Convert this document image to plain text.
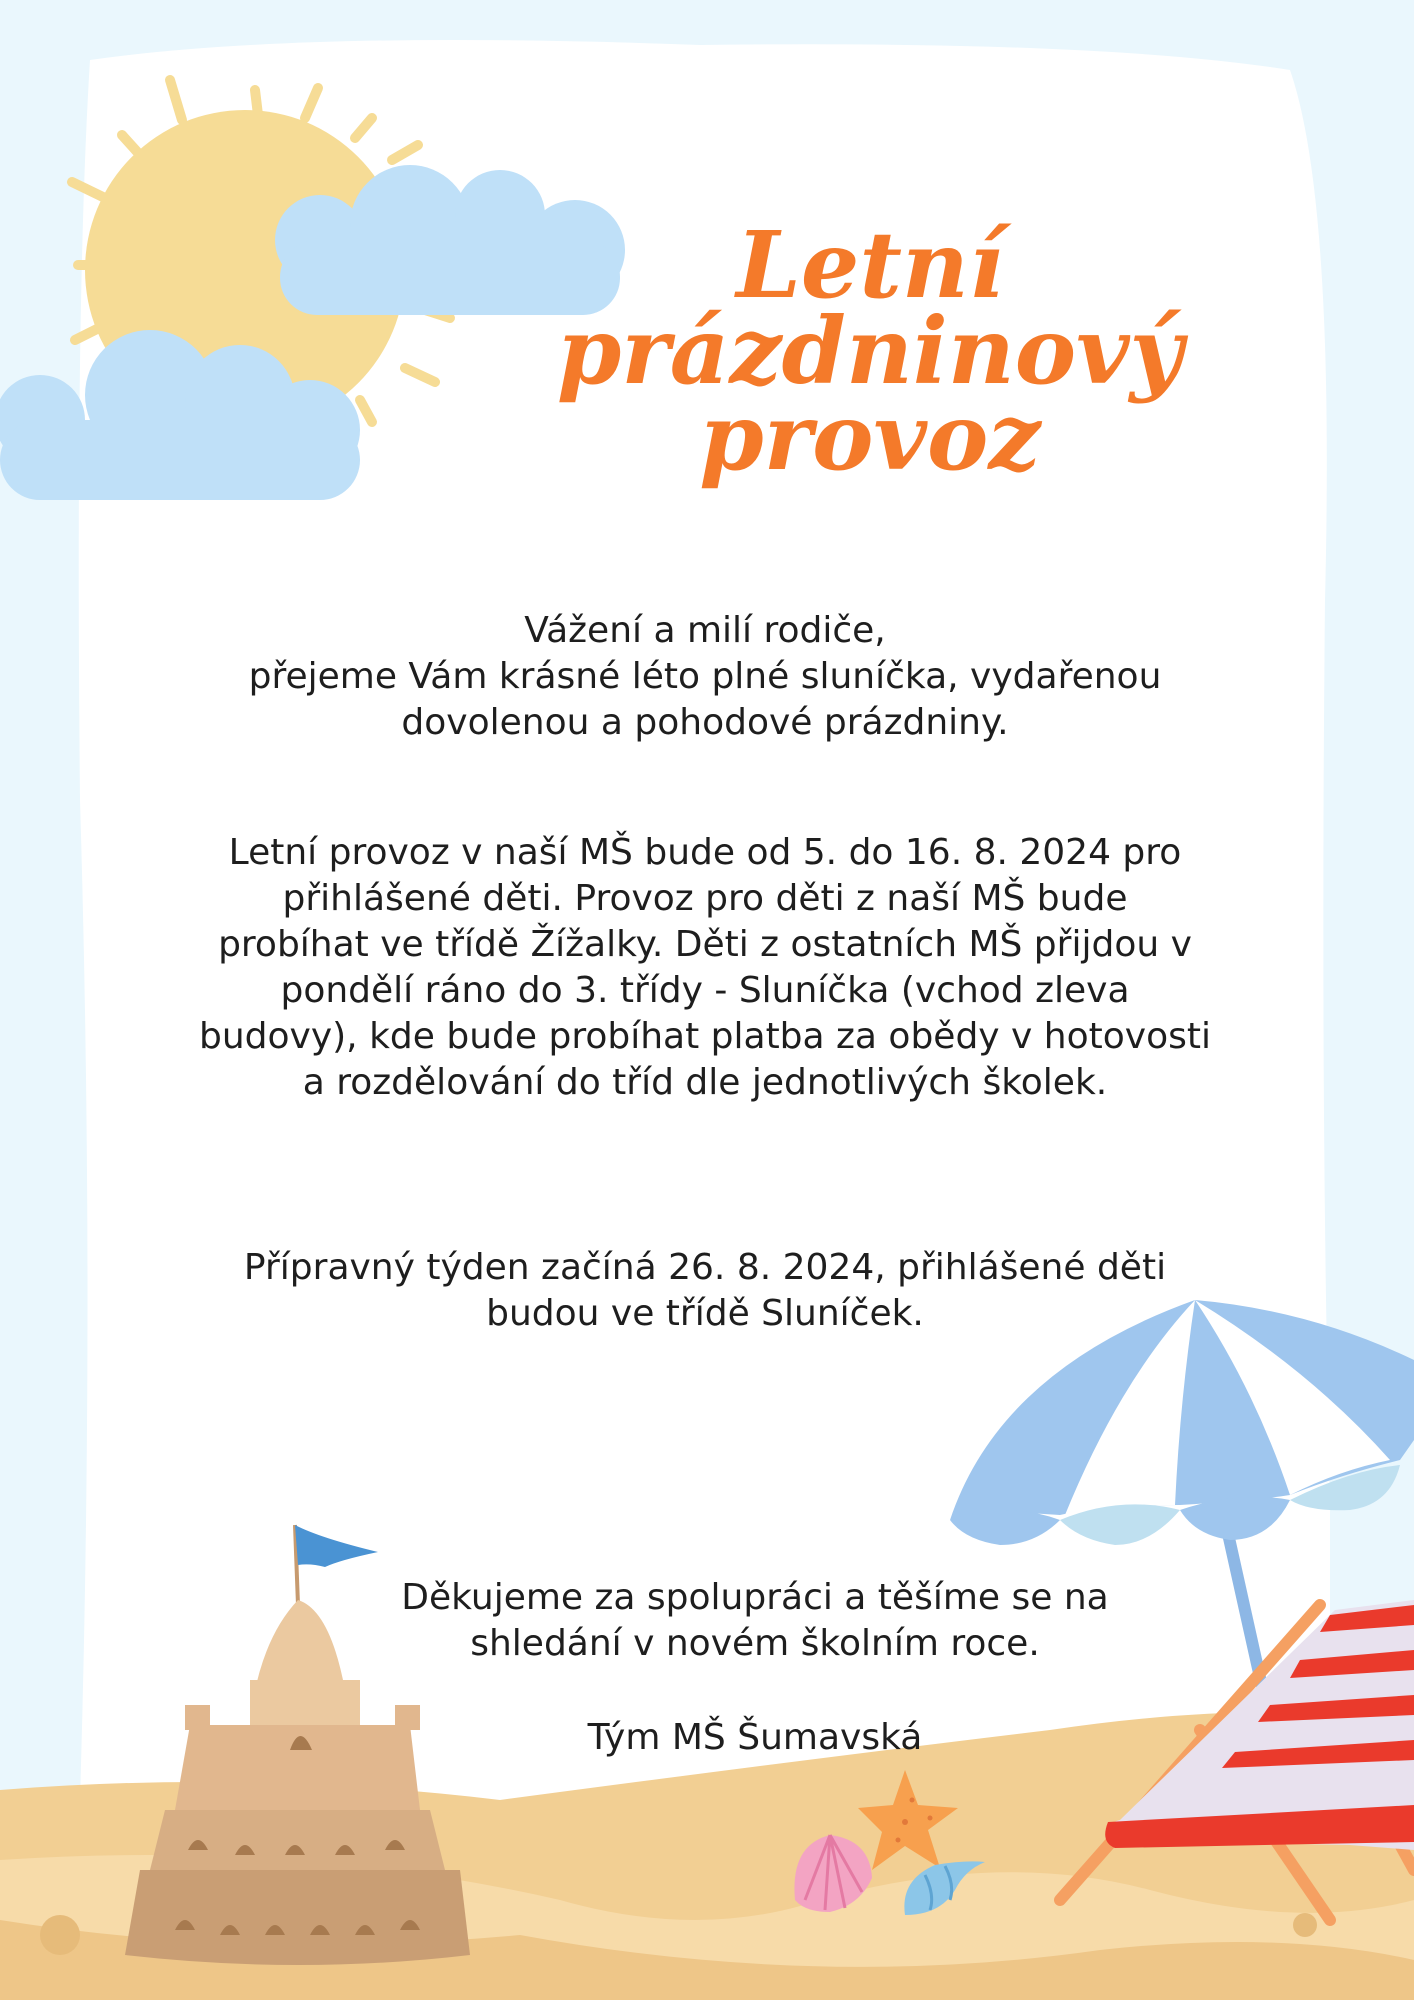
Letní
prázdninový
provoz

Vážení a milí rodiče,
přejeme Vám krásné léto plné sluníčka, vydařenou
dovolenou a pohodové prázdniny.

Letní provoz v naší MŠ bude od 5. do 16. 8. 2024 pro
přihlášené děti. Provoz pro děti z naší MŠ bude
probíhat ve třídě Žížalky. Děti z ostatních MŠ přijdou v
pondělí ráno do 3. třídy - Sluníčka (vchod zleva
budovy), kde bude probíhat platba za obědy v hotovosti
a rozdělování do tříd dle jednotlivých školek.

Přípravný týden začíná 26. 8. 2024, přihlášené děti
budou ve třídě Sluníček.

Děkujeme za spolupráci a těšíme se na
shledání v novém školním roce.

Tým MŠ Šumavská
